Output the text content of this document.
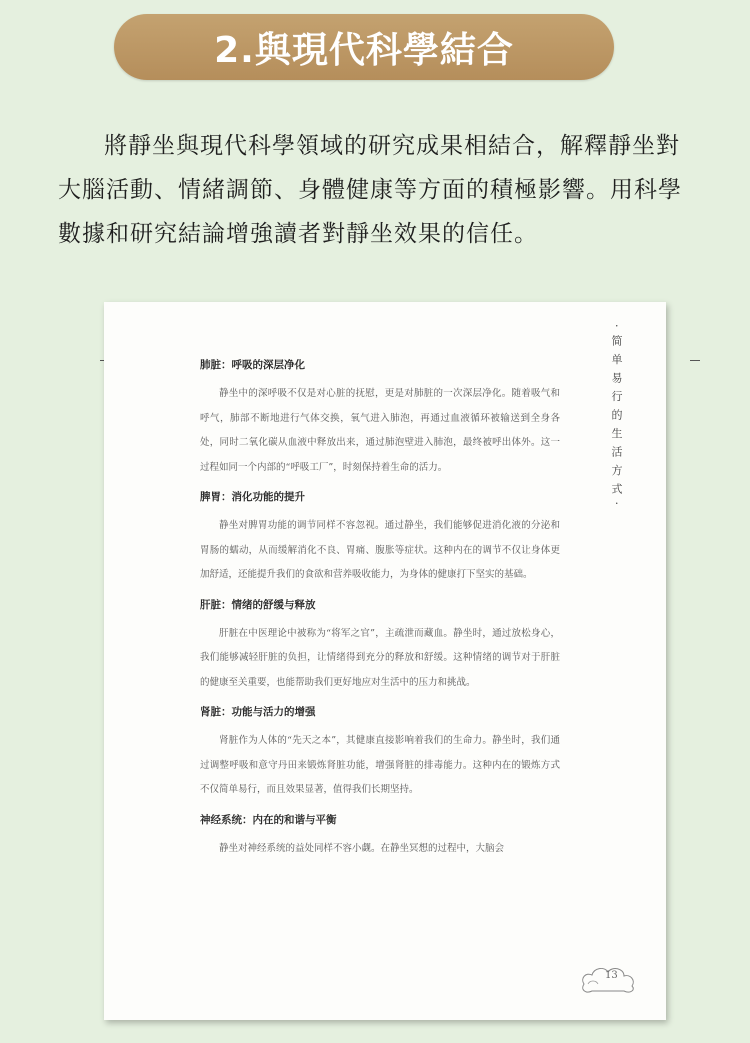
2.與現代科學結合

將靜坐與現代科學領域的研究成果相結合，解釋靜坐對大腦活動、情緒調節、身體健康等方面的積極影響。用科學數據和研究結論增強讀者對靜坐效果的信任。

· 简 单 易 行 的 生 活 方 式 ·
肺脏：呼吸的深层净化

静坐中的深呼吸不仅是对心脏的抚慰，更是对肺脏的一次深层净化。随着吸气和呼气，肺部不断地进行气体交换，氧气进入肺泡，再通过血液循环被输送到全身各处，同时二氧化碳从血液中释放出来，通过肺泡壁进入肺泡，最终被呼出体外。这一过程如同一个内部的“呼吸工厂”，时刻保持着生命的活力。

脾胃：消化功能的提升

静坐对脾胃功能的调节同样不容忽视。通过静坐，我们能够促进消化液的分泌和胃肠的蠕动，从而缓解消化不良、胃痛、腹胀等症状。这种内在的调节不仅让身体更加舒适，还能提升我们的食欲和营养吸收能力，为身体的健康打下坚实的基础。

肝脏：情绪的舒缓与释放

肝脏在中医理论中被称为“将军之官”，主疏泄而藏血。静坐时，通过放松身心，我们能够减轻肝脏的负担，让情绪得到充分的释放和舒缓。这种情绪的调节对于肝脏的健康至关重要，也能帮助我们更好地应对生活中的压力和挑战。

肾脏：功能与活力的增强

肾脏作为人体的“先天之本”，其健康直接影响着我们的生命力。静坐时，我们通过调整呼吸和意守丹田来锻炼肾脏功能，增强肾脏的排毒能力。这种内在的锻炼方式不仅简单易行，而且效果显著，值得我们长期坚持。

神经系统：内在的和谐与平衡

静坐对神经系统的益处同样不容小觑。在静坐冥想的过程中，大脑会

13
